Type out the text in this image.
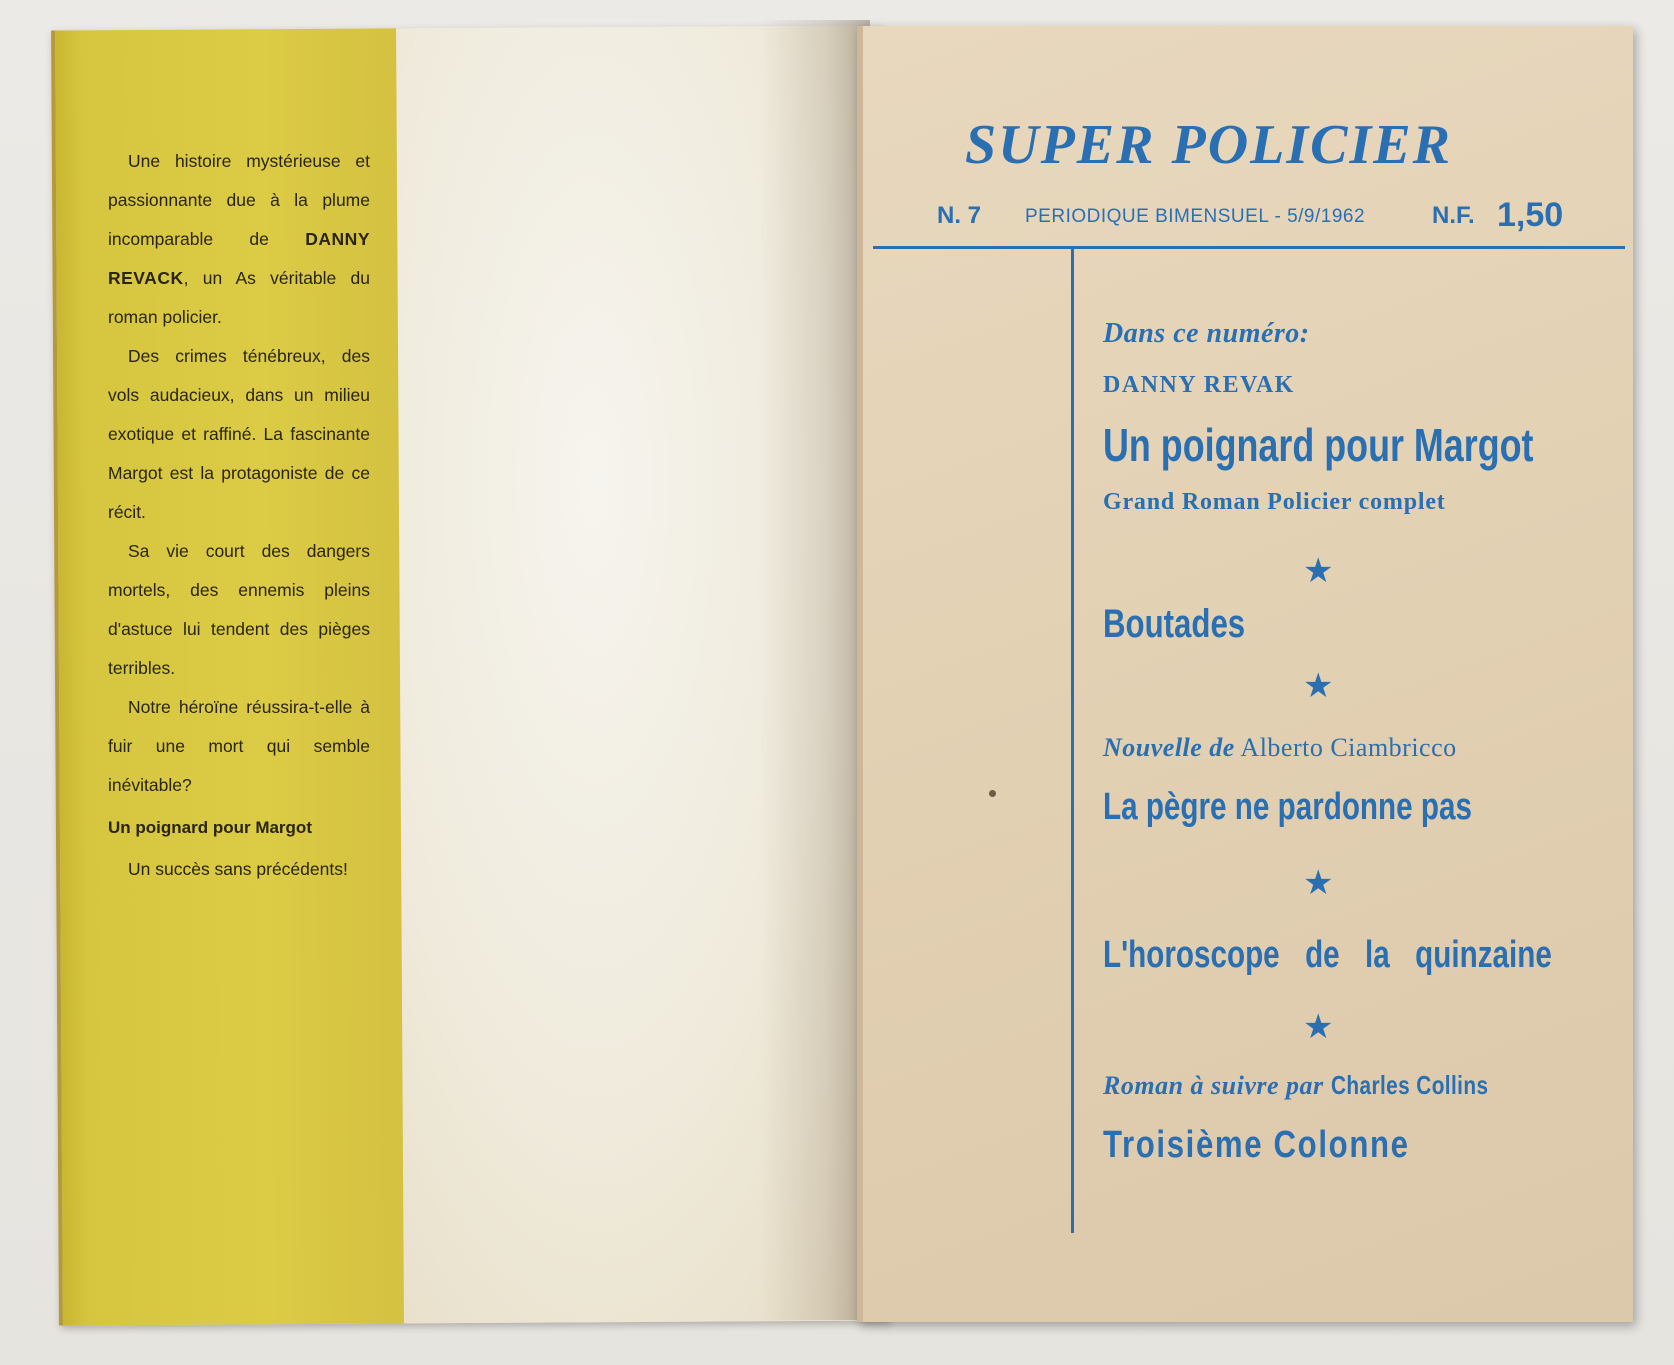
Une histoire mystérieuse et passionnante due à la plume incomparable de DANNY REVACK, un As véritable du roman policier.

Des crimes ténébreux, des vols audacieux, dans un milieu exotique et raffiné. La fascinante Margot est la protagoniste de ce récit.

Sa vie court des dangers mortels, des ennemis pleins d'astuce lui tendent des pièges terribles.

Notre héroïne réussira-t-elle à fuir une mort qui semble inévitable?

Un poignard pour Margot

Un succès sans précédents!

SUPER POLICIER
N. 7 PERIODIQUE BIMENSUEL - 5/9/1962	N.F. 1,50
Dans ce numéro:
DANNY REVAK
Un poignard pour Margot
Grand Roman Policier complet
★
Boutades
★
Nouvelle de Alberto Ciambricco
La pègre ne pardonne pas
★
L'horoscope de la quinzaine
★
Roman à suivre par Charles Collins
Troisième Colonne
